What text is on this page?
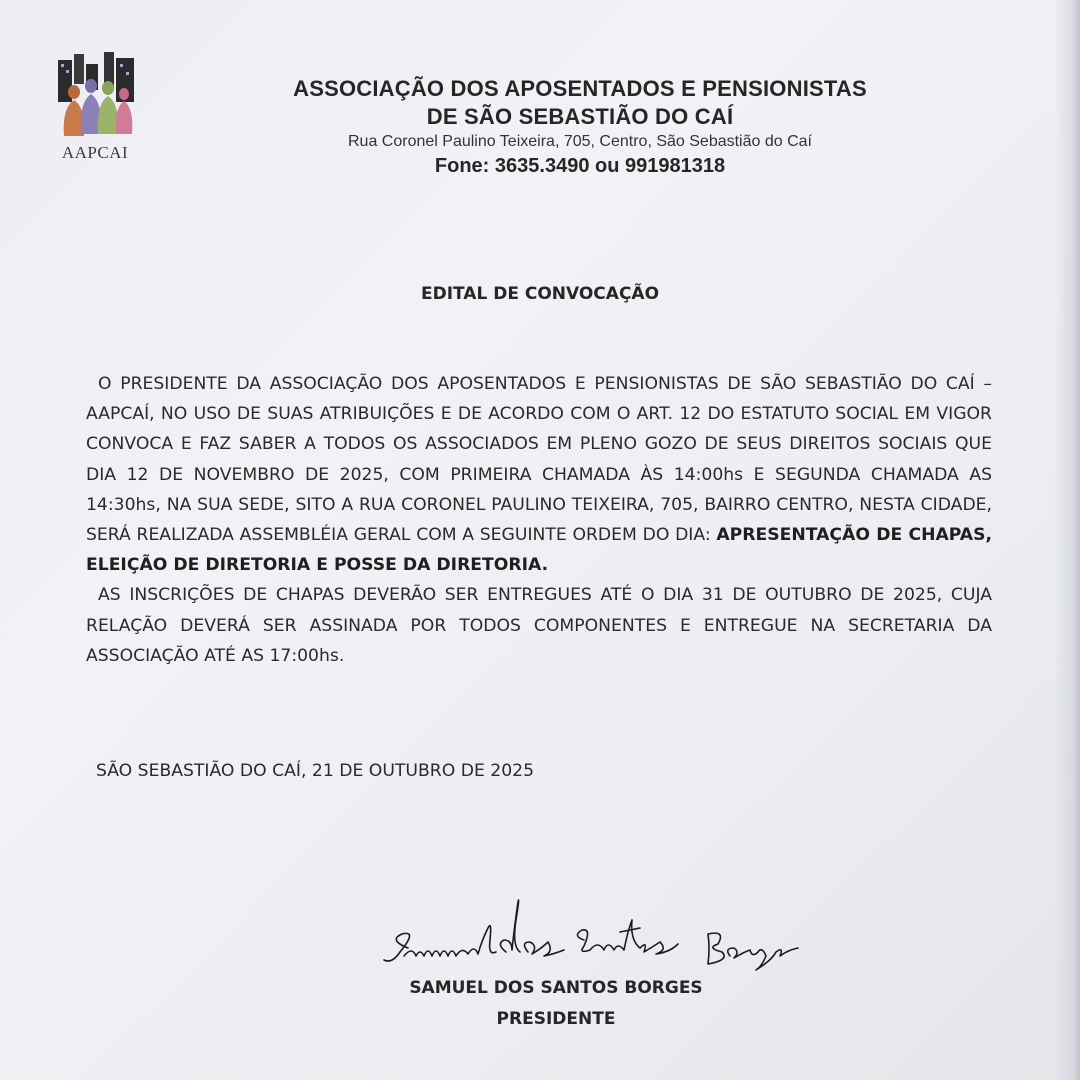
AAPCAI
ASSOCIAÇÃO DOS APOSENTADOS E PENSIONISTAS
DE SÃO SEBASTIÃO DO CAÍ
Rua Coronel Paulino Teixeira, 705, Centro, São Sebastião do Caí
Fone: 3635.3490 ou 991981318
EDITAL DE CONVOCAÇÃO

O PRESIDENTE DA ASSOCIAÇÃO DOS APOSENTADOS E PENSIONISTAS DE SÃO SEBASTIÃO DO CAÍ – AAPCAÍ, NO USO DE SUAS ATRIBUIÇÕES E DE ACORDO COM O ART. 12 DO ESTATUTO SOCIAL EM VIGOR CONVOCA E FAZ SABER A TODOS OS ASSOCIADOS EM PLENO GOZO DE SEUS DIREITOS SOCIAIS QUE DIA 12 DE NOVEMBRO DE 2025, COM PRIMEIRA CHAMADA ÀS 14:00hs E SEGUNDA CHAMADA AS 14:30hs, NA SUA SEDE, SITO A RUA CORONEL PAULINO TEIXEIRA, 705, BAIRRO CENTRO, NESTA CIDADE, SERÁ REALIZADA ASSEMBLÉIA GERAL COM A SEGUINTE ORDEM DO DIA: APRESENTAÇÃO DE CHAPAS, ELEIÇÃO DE DIRETORIA E POSSE DA DIRETORIA.

AS INSCRIÇÕES DE CHAPAS DEVERÃO SER ENTREGUES ATÉ O DIA 31 DE OUTUBRO DE 2025, CUJA RELAÇÃO DEVERÁ SER ASSINADA POR TODOS COMPONENTES E ENTREGUE NA SECRETARIA DA ASSOCIAÇÃO ATÉ AS 17:00hs.

SÃO SEBASTIÃO DO CAÍ, 21 DE OUTUBRO DE 2025
SAMUEL DOS SANTOS BORGES
PRESIDENTE
